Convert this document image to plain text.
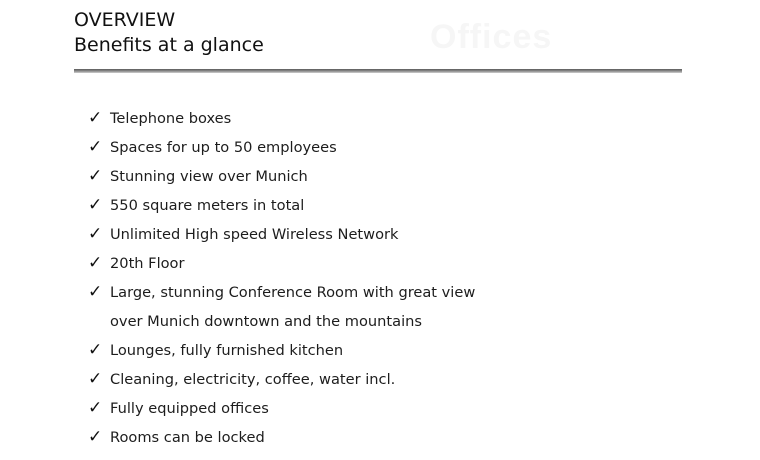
Offices
OVERVIEW
Benefits at a glance
✓ Telephone boxes
✓ Spaces for up to 50 employees
✓ Stunning view over Munich
✓ 550 square meters in total
✓ Unlimited High speed Wireless Network
✓ 20th Floor
✓ Large, stunning Conference Room with great view
over Munich downtown and the mountains
✓ Lounges, fully furnished kitchen
✓ Cleaning, electricity, coffee, water incl.
✓ Fully equipped offices
✓ Rooms can be locked
